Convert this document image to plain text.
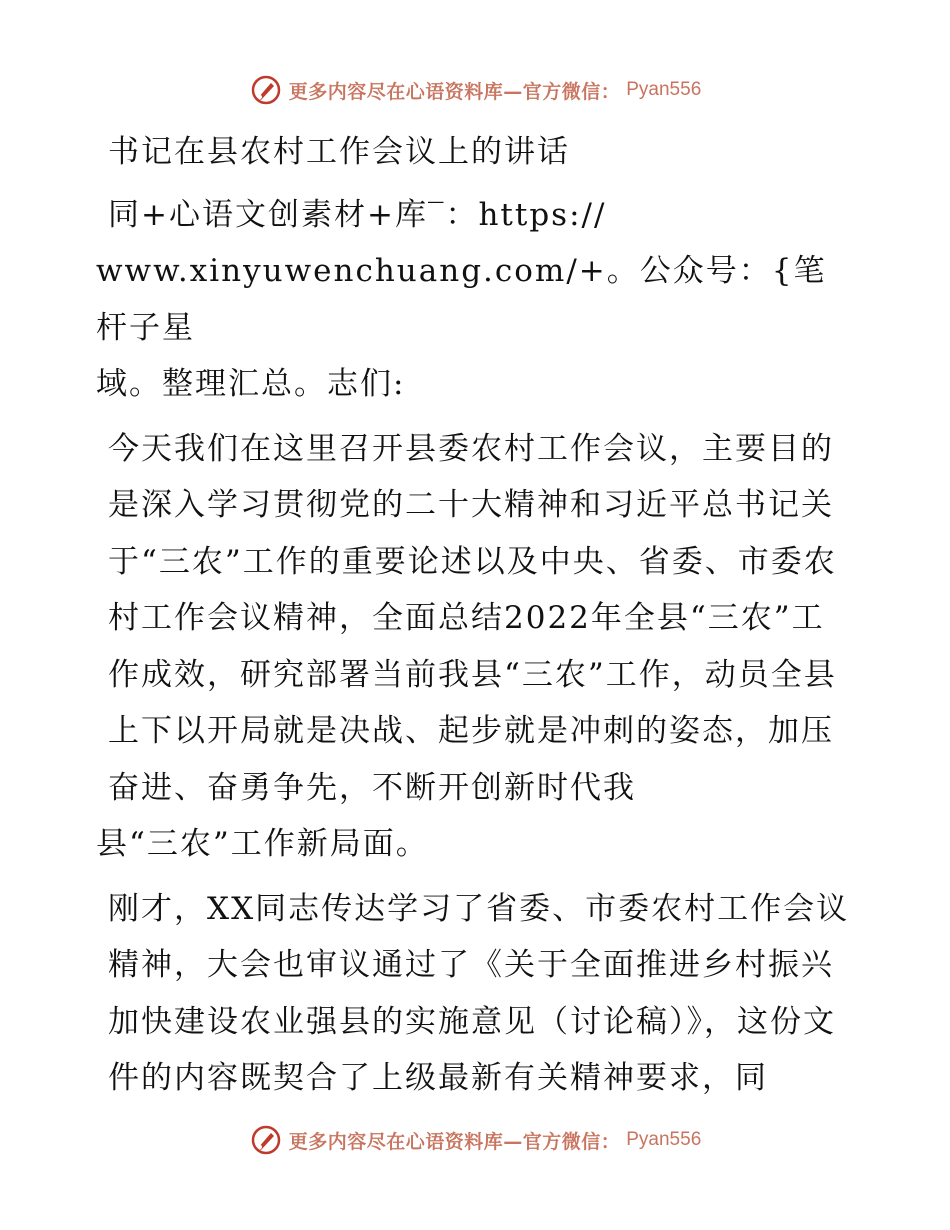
更多内容尽在心语资料库—官方微信： Pyan556

书记在县农村工作会议上的讲话

同+心语文创素材+库‾：https://

www.xinyuwenchuang.com/+。公众号：{笔杆子星

域。整理汇总。志们:

今天我们在这里召开县委农村工作会议，主要目的是深入学习贯彻党的二十大精神和习近平总书记关于“三农”工作的重要论述以及中央、省委、市委农村工作会议精神，全面总结2022年全县“三农”工作成效，研究部署当前我县“三农”工作，动员全县上下以开局就是决战、起步就是冲刺的姿态，加压奋进、奋勇争先，不断开创新时代我

县“三农”工作新局面。

刚才，XX同志传达学习了省委、市委农村工作会议精神，大会也审议通过了《关于全面推进乡村振兴加快建设农业强县的实施意见（讨论稿）》，这份文件的内容既契合了上级最新有关精神要求，同

更多内容尽在心语资料库—官方微信： Pyan556
